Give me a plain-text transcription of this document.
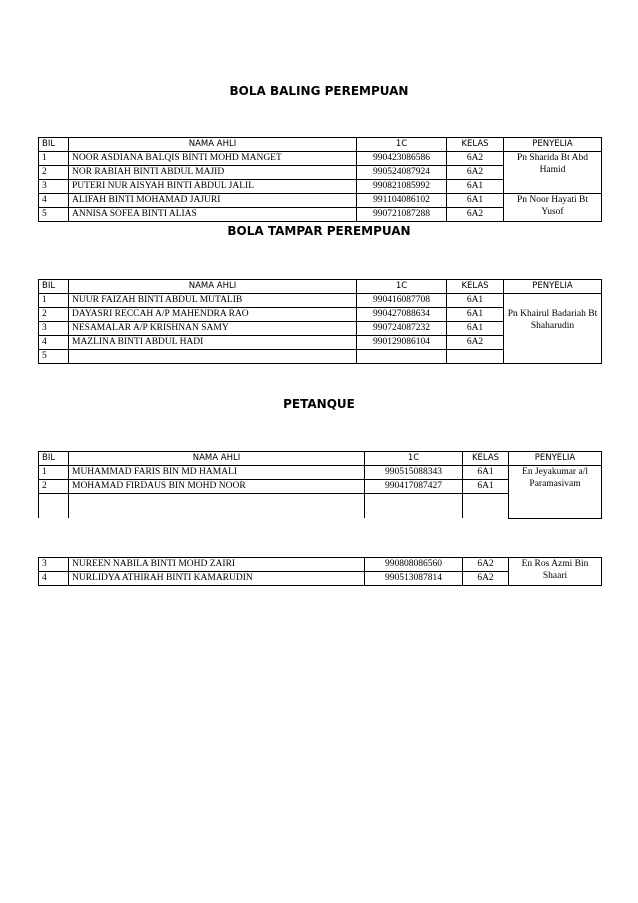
BOLA BALING PEREMPUAN
BIL	NAMA AHLI	1C	KELAS	PENYELIA
1	NOOR ASDIANA BALQIS BINTI MOHD MANGET	990423086586	6A2	Pn Sharida Bt Abd Hamid
2	NOR RABIAH BINTI ABDUL MAJID	990524087924	6A2	
3	PUTERI NUR AISYAH BINTI ABDUL JALIL	990821085992	6A1	
4	ALIFAH BINTI MOHAMAD JAJURI	991104086102	6A1	Pn Noor Hayati Bt Yusof
5	ANNISA SOFEA BINTI ALIAS	990721087288	6A2	
BOLA TAMPAR PEREMPUAN
BIL	NAMA AHLI	1C	KELAS	PENYELIA
1	NUUR FAIZAH BINTI ABDUL MUTALIB	990416087708	6A1	Pn Khairul Badariah Bt Shaharudin
2	DAYASRI RECCAH A/P MAHENDRA RAO	990427088634	6A1	
3	NESAMALAR A/P KRISHNAN SAMY	990724087232	6A1	
4	MAZLINA BINTI ABDUL HADI	990129086104	6A2	
5				
PETANQUE
BIL	NAMA AHLI	1C	KELAS	PENYELIA
1	MUHAMMAD FARIS BIN MD HAMALI	990515088343	6A1	En Jeyakumar a/l Paramasivam
2	MOHAMAD FIRDAUS BIN MOHD NOOR	990417087427	6A1	

3	NUREEN NABILA BINTI MOHD ZAIRI	990808086560	6A2	En Ros Azmi Bin Shaari
4	NURLIDYA ATHIRAH BINTI KAMARUDIN	990513087814	6A2	
